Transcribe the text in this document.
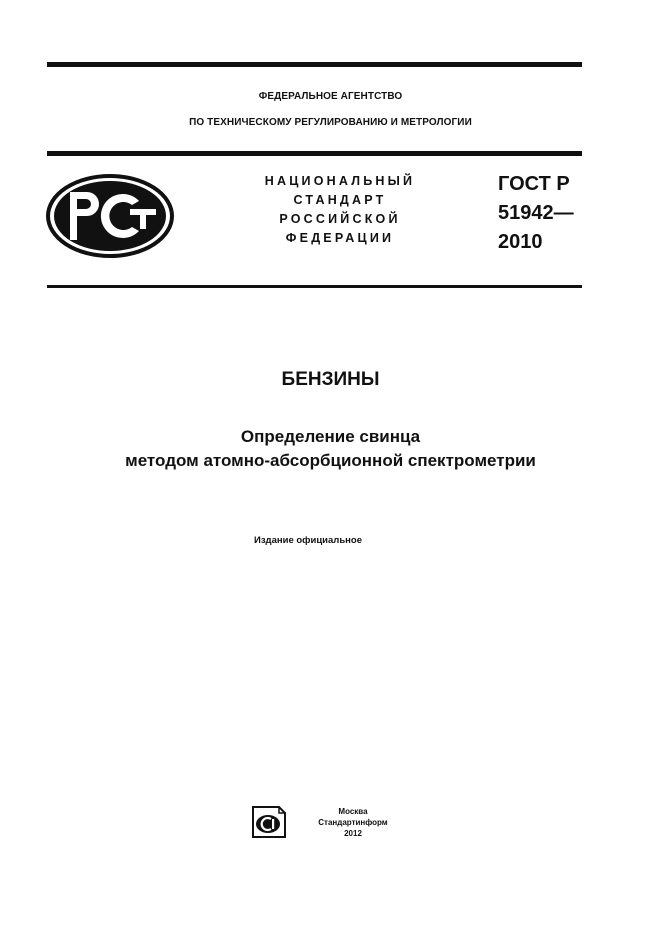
ФЕДЕРАЛЬНОЕ АГЕНТСТВО
ПО ТЕХНИЧЕСКОМУ РЕГУЛИРОВАНИЮ И МЕТРОЛОГИИ
НАЦИОНАЛЬНЫЙ
СТАНДАРТ
РОССИЙСКОЙ
ФЕДЕРАЦИИ
ГОСТ Р
51942—
2010
БЕНЗИНЫ
Определение свинца
методом атомно-абсорбционной спектрометрии
Издание официальное
Москва
Стандартинформ
2012
